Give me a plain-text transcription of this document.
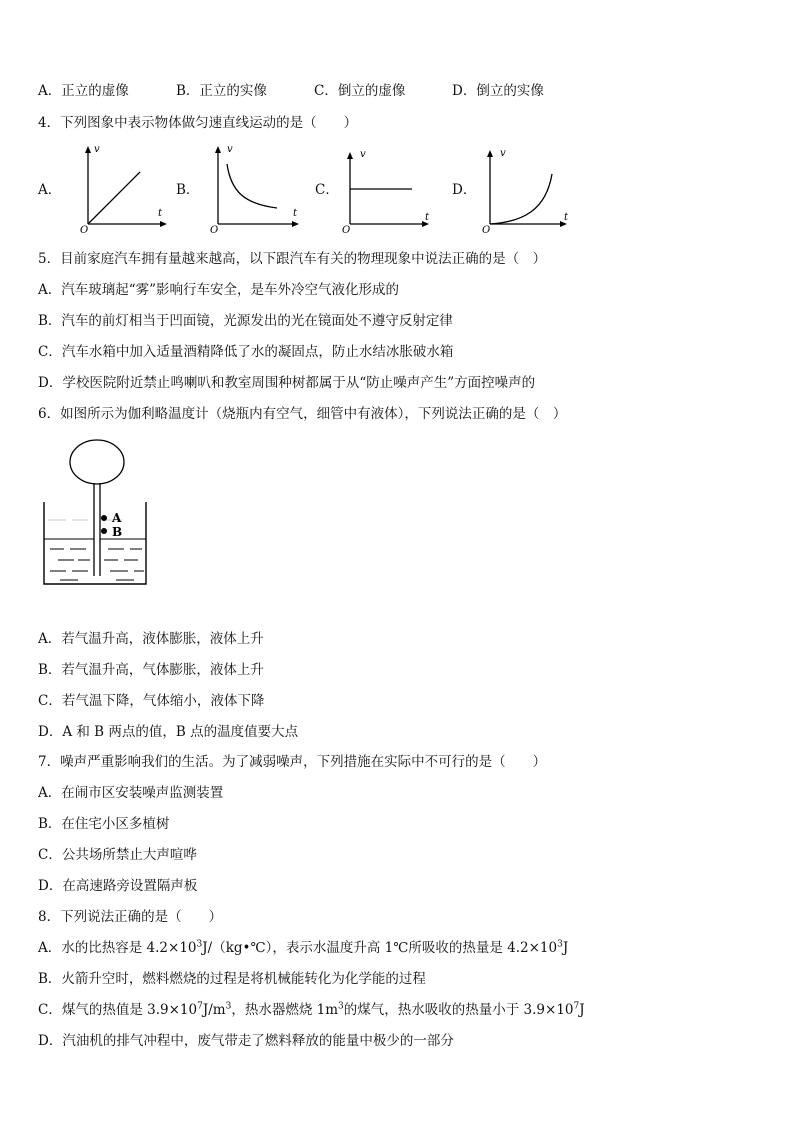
A．正立的虚像	B．正立的实像	C．倒立的虚像	D．倒立的实像
4．下列图象中表示物体做匀速直线运动的是（　　）
A．	B．	C．	D．
v
t
O
v
t
O
v
t
O
v
t
O
5．目前家庭汽车拥有量越来越高，以下跟汽车有关的物理现象中说法正确的是（　）
A．汽车玻璃起“雾”影响行车安全，是车外冷空气液化形成的
B．汽车的前灯相当于凹面镜，光源发出的光在镜面处不遵守反射定律
C．汽车水箱中加入适量酒精降低了水的凝固点，防止水结冰胀破水箱
D．学校医院附近禁止鸣喇叭和教室周围种树都属于从“防止噪声产生”方面控噪声的
6．如图所示为伽利略温度计（烧瓶内有空气，细管中有液体），下列说法正确的是（　）
A
B
A．若气温升高，液体膨胀，液体上升
B．若气温升高，气体膨胀，液体上升
C．若气温下降，气体缩小，液体下降
D．A 和 B 两点的值，B 点的温度值要大点
7．噪声严重影响我们的生活。为了减弱噪声，下列措施在实际中不可行的是（　　）
A．在闹市区安装噪声监测装置
B．在住宅小区多植树
C．公共场所禁止大声喧哗
D．在高速路旁设置隔声板
8．下列说法正确的是（　　）
A．水的比热容是 $4.2\times 10^3J/(kg•℃)$，表示水温度升高 1℃所吸收的热量是 $4.2\times 10^3J$
B．火箭升空时，燃料燃烧的过程是将机械能转化为化学能的过程
C．煤气的热值是 $3.9\times 10^7J/m^3$，热水器燃烧 $1m^3$的煤气，热水吸收的热量小于 $3.9\times 10^7J$
D．汽油机的排气冲程中，废气带走了燃料释放的能量中极少的一部分
